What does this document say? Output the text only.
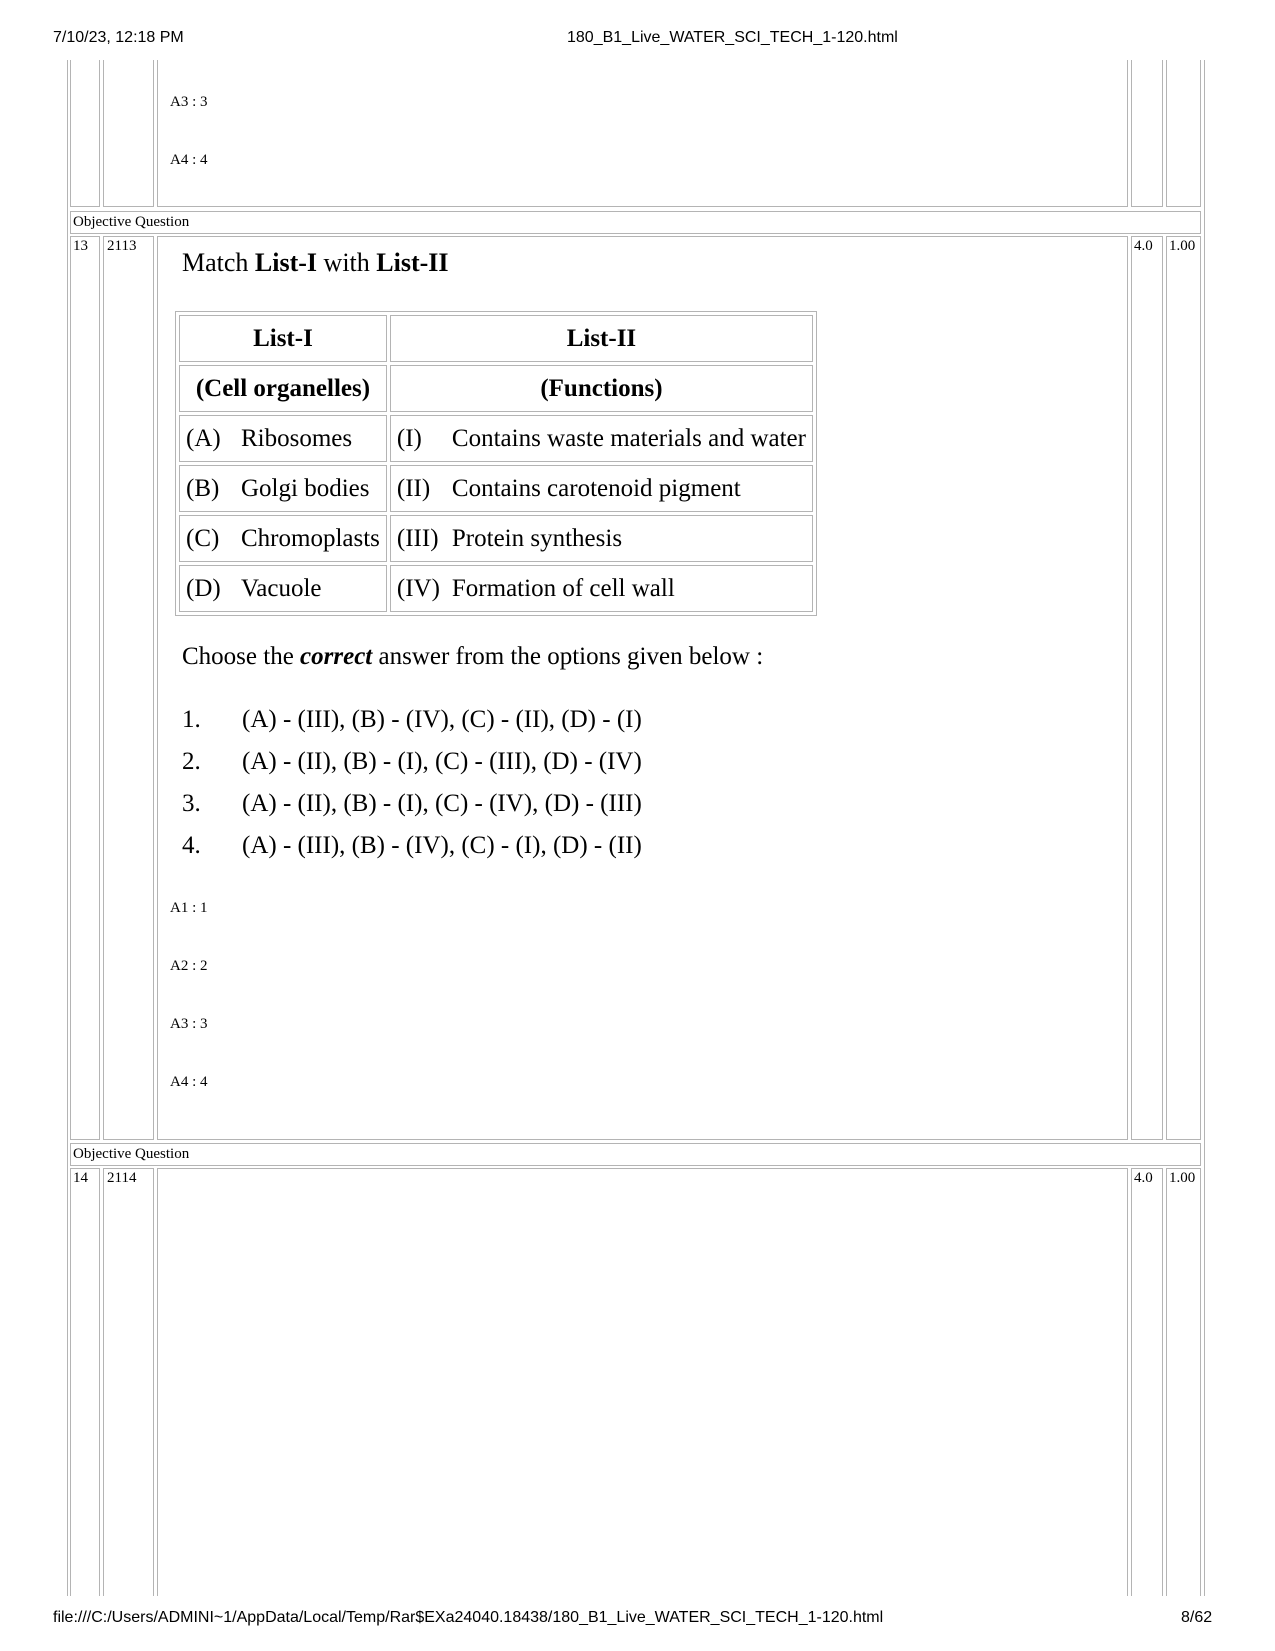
7/10/23, 12:18 PM	180_B1_Live_WATER_SCI_TECH_1-120.html
A3 : 3
A4 : 4
Objective Question
13 2113	4.0 1.00
Match List-I with List-II
List-I	List-II
(Cell organelles)	(Functions)
(A) Ribosomes	(I) Contains waste materials and water
(B) Golgi bodies	(II) Contains carotenoid pigment
(C) Chromoplasts	(III) Protein synthesis
(D) Vacuole	(IV) Formation of cell wall
Choose the correct answer from the options given below :
1. (A) - (III), (B) - (IV), (C) - (II), (D) - (I)
2. (A) - (II), (B) - (I), (C) - (III), (D) - (IV)
3. (A) - (II), (B) - (I), (C) - (IV), (D) - (III)
4. (A) - (III), (B) - (IV), (C) - (I), (D) - (II)
A1 : 1
A2 : 2
A3 : 3
A4 : 4
Objective Question
14 2114	4.0 1.00
file:///C:/Users/ADMINI~1/AppData/Local/Temp/Rar$EXa24040.18438/180_B1_Live_WATER_SCI_TECH_1-120.html	8/62
